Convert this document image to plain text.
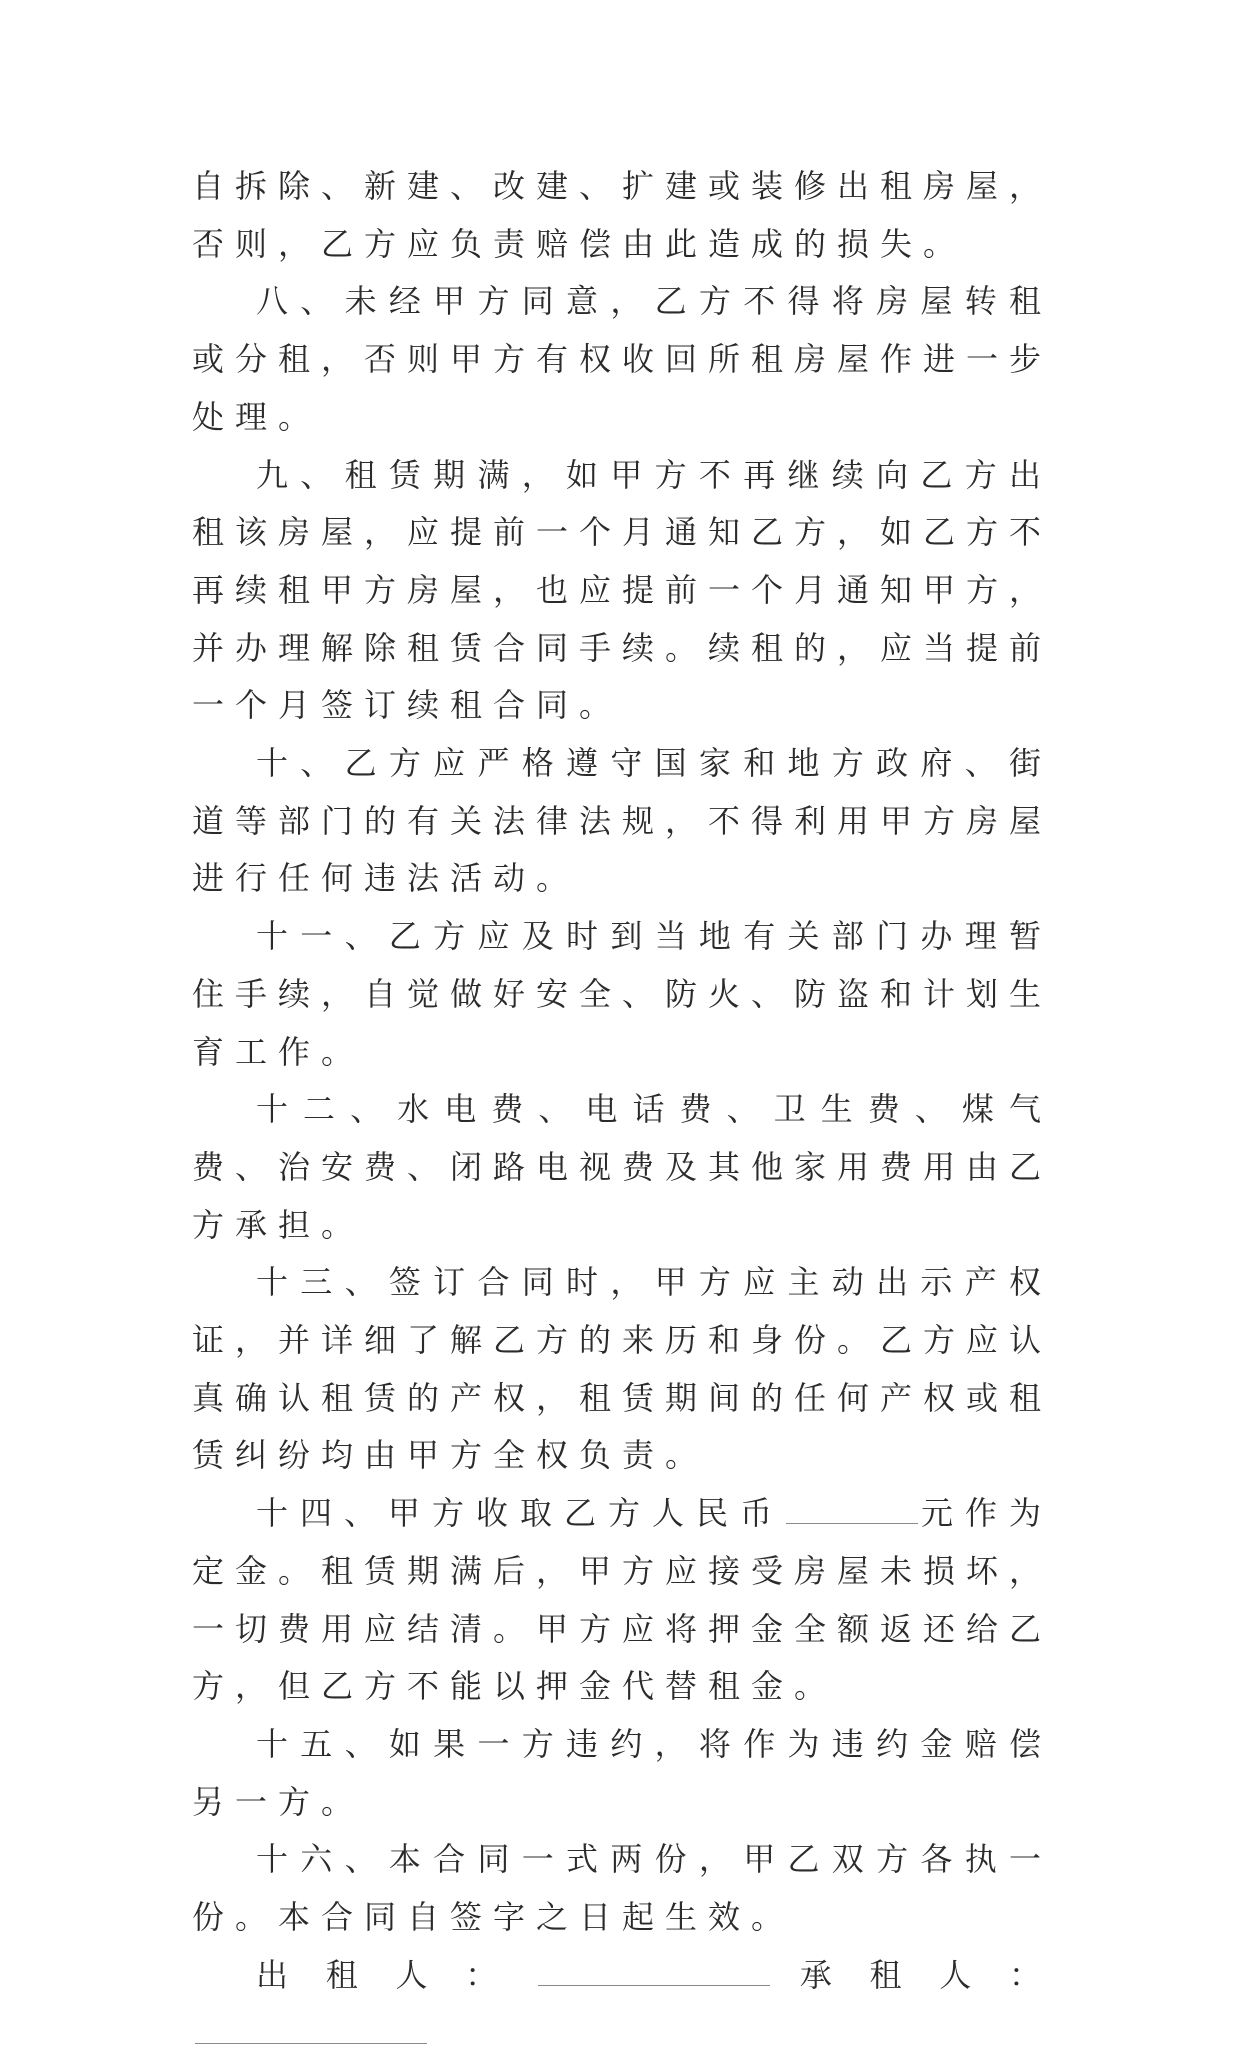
自拆除、新建、改建、扩建或装修出租房屋，否则，乙方应负责赔偿由此造成的损失。

八、未经甲方同意，乙方不得将房屋转租或分租，否则甲方有权收回所租房屋作进一步处理。

九、租赁期满，如甲方不再继续向乙方出租该房屋，应提前一个月通知乙方，如乙方不再续租甲方房屋，也应提前一个月通知甲方，并办理解除租赁合同手续。续租的，应当提前一个月签订续租合同。

十、乙方应严格遵守国家和地方政府、街道等部门的有关法律法规，不得利用甲方房屋进行任何违法活动。

十一、乙方应及时到当地有关部门办理暂住手续，自觉做好安全、防火、防盗和计划生育工作。

十二、水电费、电话费、卫生费、煤气费、治安费、闭路电视费及其他家用费用由乙方承担。

十三、签订合同时，甲方应主动出示产权证，并详细了解乙方的来历和身份。乙方应认真确认租赁的产权，租赁期间的任何产权或租赁纠纷均由甲方全权负责。

十四、甲方收取乙方人民币	元作为定金。租赁期满后，甲方应接受房屋未损坏，一切费用应结清。甲方应将押金全额返还给乙方，但乙方不能以押金代替租金。

十五、如果一方违约，将作为违约金赔偿另一方。

十六、本合同一式两份，甲乙双方各执一份。本合同自签字之日起生效。

出租人：	承租人：
